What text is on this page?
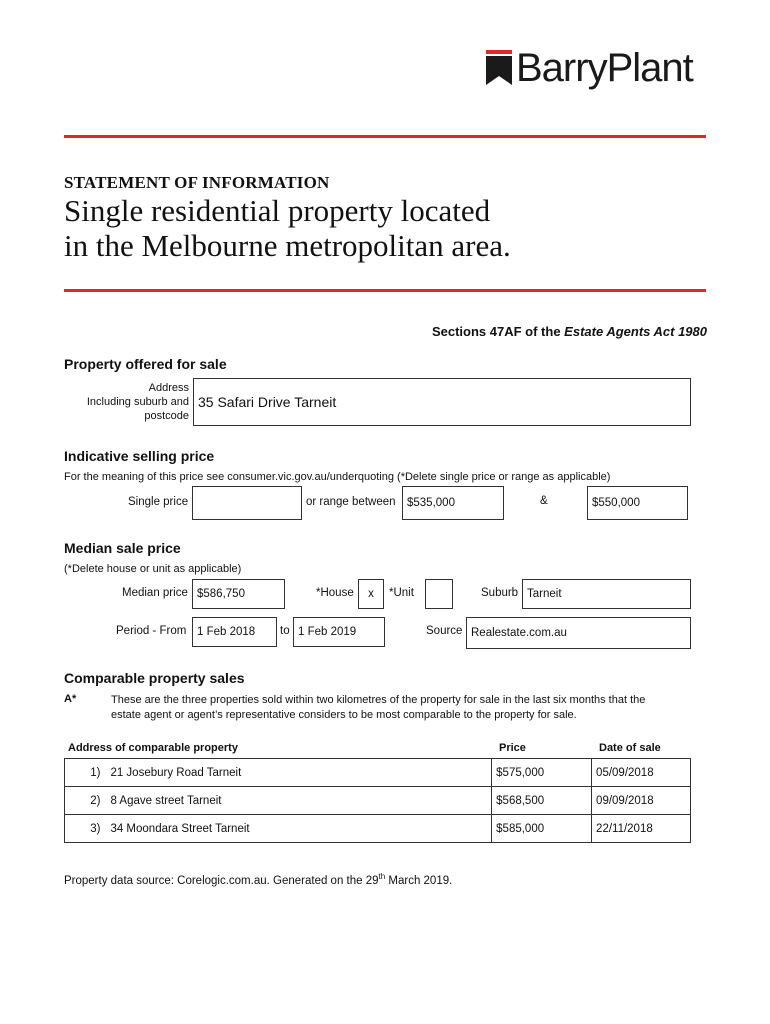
BarryPlant
STATEMENT OF INFORMATION
Single residential property located
in the Melbourne metropolitan area.
Sections 47AF of the Estate Agents Act 1980
Property offered for sale
Address
Including suburb and
postcode
35 Safari Drive Tarneit
Indicative selling price
For the meaning of this price see consumer.vic.gov.au/underquoting (*Delete single price or range as applicable)
Single price	or range between $535,000	&	$550,000
Median sale price
(*Delete house or unit as applicable)
Median price $586,750	*House	x	*Unit	Suburb Tarneit
Period - From 1 Feb 2018	to 1 Feb 2019	Source Realestate.com.au
Comparable property sales
A*	These are the three properties sold within two kilometres of the property for sale in the last six months that the
estate agent or agent’s representative considers to be most comparable to the property for sale.
Address of comparable property	Price	Date of sale
1)	21 Josebury Road Tarneit	$575,000	05/09/2018
2)	8 Agave street Tarneit	$568,500	09/09/2018
3)	34 Moondara Street Tarneit	$585,000	22/11/2018
Property data source: Corelogic.com.au. Generated on the 29th March 2019.
